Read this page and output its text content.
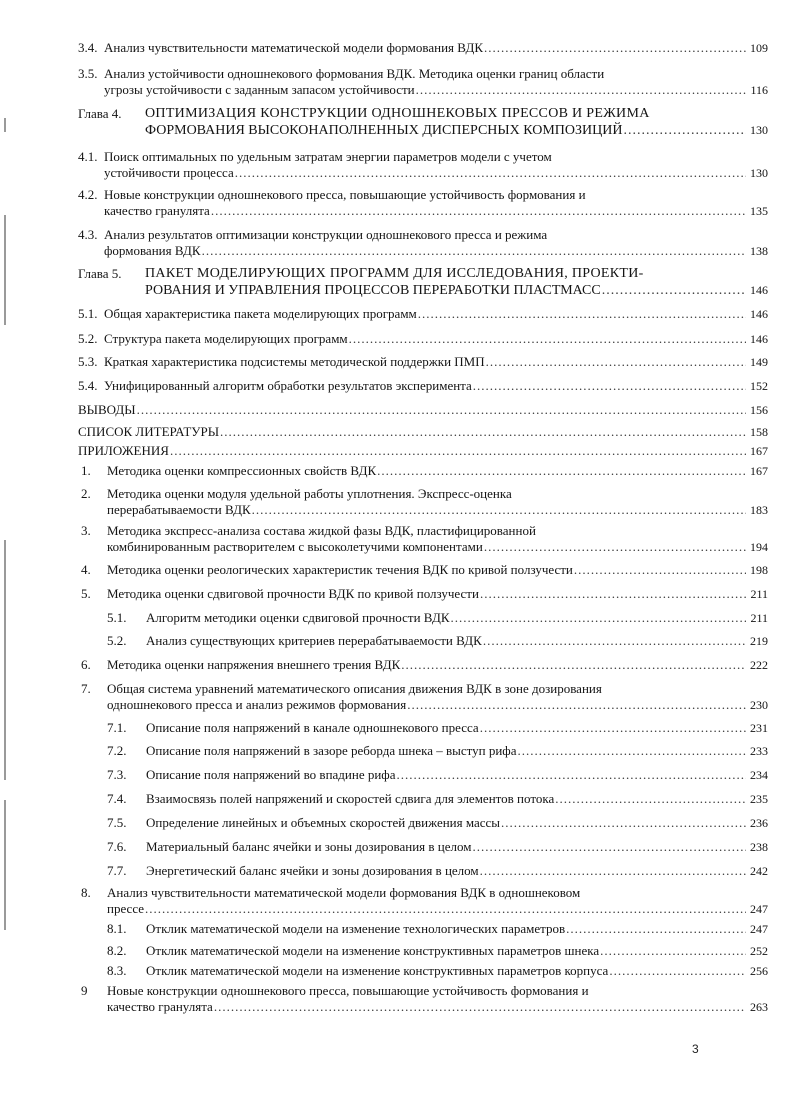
3.4. Анализ чувствительности математической модели формования ВДК .....	109
3.5. Анализ устойчивости одношнекового формования ВДК. Методика оценки границ области
угрозы устойчивости с заданным запасом устойчивости .....	116
Глава 4. ОПТИМИЗАЦИЯ КОНСТРУКЦИИ ОДНОШНЕКОВЫХ ПРЕССОВ И РЕЖИМА
ФОРМОВАНИЯ ВЫСОКОНАПОЛНЕННЫХ ДИСПЕРСНЫХ КОМПОЗИЦИЙ .....	130
4.1. Поиск оптимальных по удельным затратам энергии параметров модели с учетом
устойчивости процесса .....	130
4.2. Новые конструкции одношнекового пресса, повышающие устойчивость формования и
качество гранулята .....	135
4.3. Анализ результатов оптимизации конструкции одношнекового пресса и режима
формования ВДК .....	138
Глава 5. ПАКЕТ МОДЕЛИРУЮЩИХ ПРОГРАММ ДЛЯ ИССЛЕДОВАНИЯ, ПРОЕКТИ-
РОВАНИЯ И УПРАВЛЕНИЯ ПРОЦЕССОВ ПЕРЕРАБОТКИ ПЛАСТМАСС .....	146
5.1. Общая характеристика пакета моделирующих программ .....	146
5.2. Структура пакета моделирующих программ .....	146
5.3. Краткая характеристика подсистемы методической поддержки ПМП .....	149
5.4. Унифицированный алгоритм обработки результатов эксперимента .....	152
ВЫВОДЫ .....	156
СПИСОК ЛИТЕРАТУРЫ .....	158
ПРИЛОЖЕНИЯ .....	167
1. Методика оценки компрессионных свойств ВДК .....	167
2. Методика оценки модуля удельной работы уплотнения. Экспресс-оценка
перерабатываемости ВДК .....	183
3. Методика экспресс-анализа состава жидкой фазы ВДК, пластифицированной
комбинированным растворителем с высоколетучими компонентами .....	194
4. Методика оценки реологических характеристик течения ВДК по кривой ползучести .....	198
5. Методика оценки сдвиговой прочности ВДК по кривой ползучести .....	211
5.1. Алгоритм методики оценки сдвиговой прочности ВДК .....	211
5.2. Анализ существующих критериев перерабатываемости ВДК .....	219
6. Методика оценки напряжения внешнего трения ВДК .....	222
7. Общая система уравнений математического описания движения ВДК в зоне дозирования
одношнекового пресса и анализ режимов формования .....	230
7.1. Описание поля напряжений в канале одношнекового пресса .....	231
7.2. Описание поля напряжений в зазоре реборда шнека – выступ рифа .....	233
7.3. Описание поля напряжений во впадине рифа .....	234
7.4. Взаимосвязь полей напряжений и скоростей сдвига для элементов потока .....	235
7.5. Определение линейных и объемных скоростей движения массы .....	236
7.6. Материальный баланс ячейки и зоны дозирования в целом .....	238
7.7. Энергетический баланс ячейки и зоны дозирования в целом .....	242
8. Анализ чувствительности математической модели формования ВДК в одношнековом
прессе .....	247
8.1. Отклик математической модели на изменение технологических параметров .....	247
8.2. Отклик математической модели на изменение конструктивных параметров шнека .....	252
8.3. Отклик математической модели на изменение конструктивных параметров корпуса .....	256
9 Новые конструкции одношнекового пресса, повышающие устойчивость формования и
качество гранулята .....	263
3
